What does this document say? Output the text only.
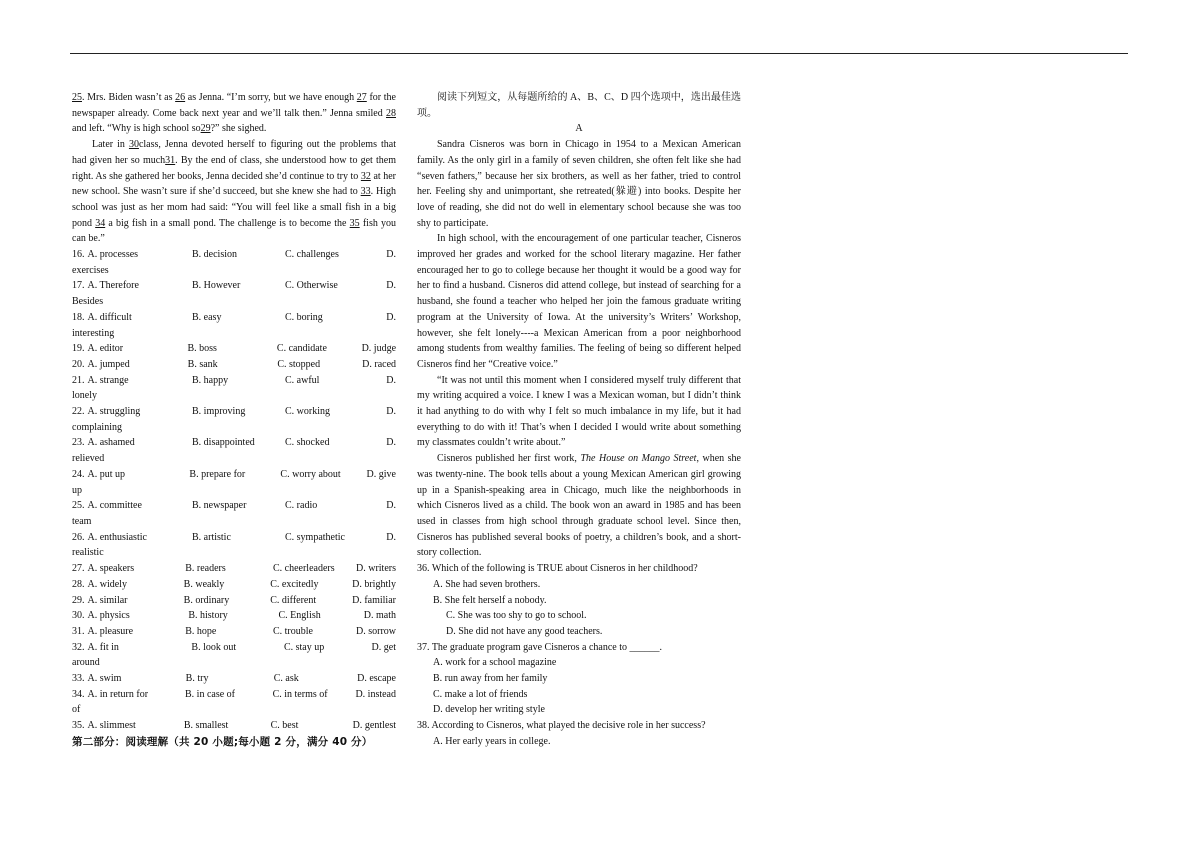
25. Mrs. Biden wasn’t as 26 as Jenna. “I’m sorry, but we have enough 27 for the newspaper already. Come back next year and we’ll talk then.” Jenna smiled 28 and left. “Why is high school so29?” she sighed.

Later in 30class, Jenna devoted herself to figuring out the problems that had given her so much31. By the end of class, she understood how to get them right. As she gathered her books, Jenna decided she’d continue to try to 32 at her new school. She wasn’t sure if she’d succeed, but she knew she had to 33. High school was just as her mom had said: “You will feel like a small fish in a big pond 34 a big fish in a small pond. The challenge is to become the 35 fish you can be.”

16. A. processes	B. decision	C. challenges	D.
exercises
17. A. Therefore	B. However	C. Otherwise	D.
Besides
18. A. difficult	B. easy	C. boring	D.
interesting
19. A. editor	B. boss	C. candidate	D. judge
20. A. jumped	B. sank	C. stopped	D. raced
21. A. strange	B. happy	C. awful	D.
lonely
22. A. struggling	B. improving	C. working	D.
complaining
23. A. ashamed	B. disappointed	C. shocked	D.
relieved
24. A. put up	B. prepare for	C. worry about	D. give
up
25. A. committee	B. newspaper	C. radio	D.
team
26. A. enthusiastic	B. artistic	C. sympathetic	D.
realistic
27. A. speakers	B. readers	C. cheerleaders	D. writers
28. A. widely	B. weakly	C. excitedly	D. brightly
29. A. similar	B. ordinary	C. different	D. familiar
30. A. physics	B. history	C. English	D. math
31. A. pleasure	B. hope	C. trouble	D. sorrow
32. A. fit in	B. look out	C. stay up	D. get
around
33. A. swim	B. try	C. ask	D. escape
34. A. in return for	B. in case of	C. in terms of	D. instead
of
35. A. slimmest	B. smallest	C. best	D. gentlest
第二部分：阅读理解（共 20 小题;每小题 2 分，满分 40 分）

阅读下列短文，从每题所给的 A、B、C、D 四个选项中，选出最佳选项。

A

Sandra Cisneros was born in Chicago in 1954 to a Mexican American family. As the only girl in a family of seven children, she often felt like she had “seven fathers,” because her six brothers, as well as her father, tried to control her. Feeling shy and unimportant, she retreated(躲避) into books. Despite her love of reading, she did not do well in elementary school because she was too shy to participate.

In high school, with the encouragement of one particular teacher, Cisneros improved her grades and worked for the school literary magazine. Her father encouraged her to go to college because her thought it would be a good way for her to find a husband. Cisneros did attend college, but instead of searching for a husband, she found a teacher who helped her join the famous graduate writing program at the University of Iowa. At the university’s Writers’ Workshop, however, she felt lonely----a Mexican American from a poor neighborhood among students from wealthy families. The feeling of being so different helped Cisneros find her “Creative voice.”

“It was not until this moment when I considered myself truly different that my writing acquired a voice. I knew I was a Mexican woman, but I didn’t think it had anything to do with why I felt so much imbalance in my life, but it had everything to do with it! That’s when I decided I would write about something my classmates couldn’t write about.”

Cisneros published her first work, The House on Mango Street, when she was twenty-nine. The book tells about a young Mexican American girl growing up in a Spanish-speaking area in Chicago, much like the neighborhoods in which Cisneros lived as a child. The book won an award in 1985 and has been used in classes from high school through graduate school level. Since then, Cisneros has published several books of poetry, a children’s book, and a short-story collection.

36. Which of the following is TRUE about Cisneros in her childhood?

A. She had seven brothers.

B. She felt herself a nobody.

C. She was too shy to go to school.

D. She did not have any good teachers.

37. The graduate program gave Cisneros a chance to ______.

A. work for a school magazine

B. run away from her family

C. make a lot of friends

D. develop her writing style

38. According to Cisneros, what played the decisive role in her success?

A. Her early years in college.
